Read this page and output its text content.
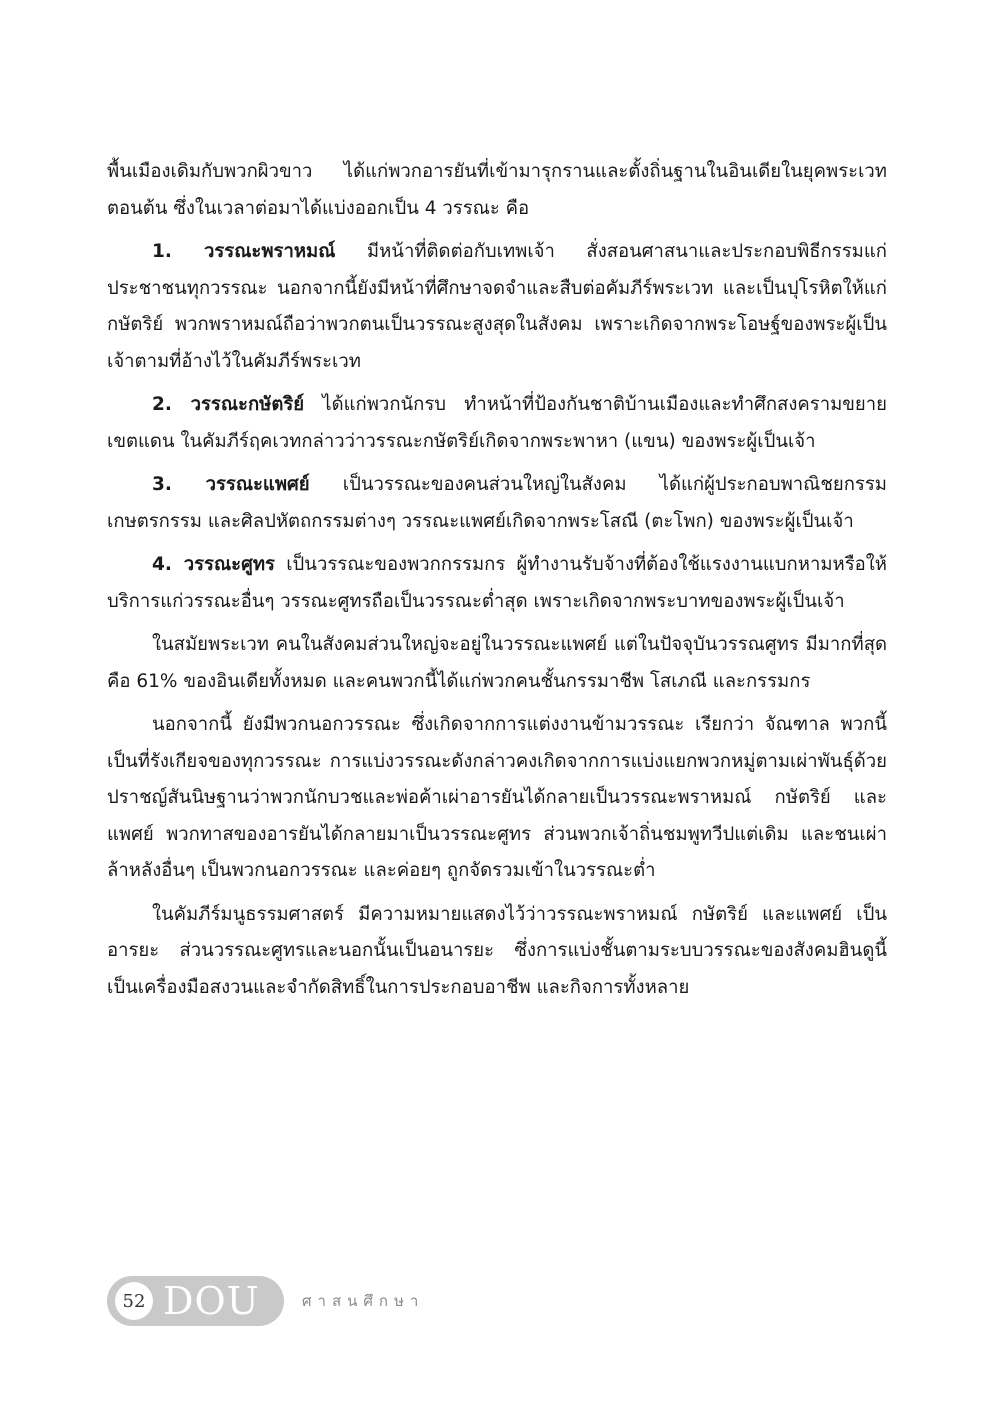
พื้นเมืองเดิมกับพวกผิวขาว ได้แก่พวกอารยันที่เข้ามารุกรานและตั้งถิ่นฐานในอินเดียในยุคพระเวทตอนต้น ซึ่งในเวลาต่อมาได้แบ่งออกเป็น 4 วรรณะ คือ

1. วรรณะพราหมณ์ มีหน้าที่ติดต่อกับเทพเจ้า สั่งสอนศาสนาและประกอบพิธีกรรมแก่ประชาชนทุกวรรณะ นอกจากนี้ยังมีหน้าที่ศึกษาจดจำและสืบต่อคัมภีร์พระเวท และเป็นปุโรหิตให้แก่กษัตริย์ พวกพราหมณ์ถือว่าพวกตนเป็นวรรณะสูงสุดในสังคม เพราะเกิดจากพระโอษฐ์ของพระผู้เป็นเจ้าตามที่อ้างไว้ในคัมภีร์พระเวท

2. วรรณะกษัตริย์ ได้แก่พวกนักรบ ทำหน้าที่ป้องกันชาติบ้านเมืองและทำศึกสงครามขยายเขตแดน ในคัมภีร์ฤคเวทกล่าวว่าวรรณะกษัตริย์เกิดจากพระพาหา (แขน) ของพระผู้เป็นเจ้า

3. วรรณะแพศย์ เป็นวรรณะของคนส่วนใหญ่ในสังคม ได้แก่ผู้ประกอบพาณิชยกรรม เกษตรกรรม และศิลปหัตถกรรมต่างๆ วรรณะแพศย์เกิดจากพระโสณี (ตะโพก) ของพระผู้เป็นเจ้า

4. วรรณะศูทร เป็นวรรณะของพวกกรรมกร ผู้ทำงานรับจ้างที่ต้องใช้แรงงานแบกหามหรือให้บริการแก่วรรณะอื่นๆ วรรณะศูทรถือเป็นวรรณะต่ำสุด เพราะเกิดจากพระบาทของพระผู้เป็นเจ้า

ในสมัยพระเวท คนในสังคมส่วนใหญ่จะอยู่ในวรรณะแพศย์ แต่ในปัจจุบันวรรณศูทร มีมากที่สุดคือ 61% ของอินเดียทั้งหมด และคนพวกนี้ได้แก่พวกคนชั้นกรรมาชีพ โสเภณี และกรรมกร

นอกจากนี้ ยังมีพวกนอกวรรณะ ซึ่งเกิดจากการแต่งงานข้ามวรรณะ เรียกว่า จัณฑาล พวกนี้เป็นที่รังเกียจของทุกวรรณะ การแบ่งวรรณะดังกล่าวคงเกิดจากการแบ่งแยกพวกหมู่ตามเผ่าพันธุ์ด้วย ปราชญ์สันนิษฐานว่าพวกนักบวชและพ่อค้าเผ่าอารยันได้กลายเป็นวรรณะพราหมณ์ กษัตริย์ และแพศย์ พวกทาสของอารยันได้กลายมาเป็นวรรณะศูทร ส่วนพวกเจ้าถิ่นชมพูทวีปแต่เดิม และชนเผ่าล้าหลังอื่นๆ เป็นพวกนอกวรรณะ และค่อยๆ ถูกจัดรวมเข้าในวรรณะต่ำ

ในคัมภีร์มนูธรรมศาสตร์ มีความหมายแสดงไว้ว่าวรรณะพราหมณ์ กษัตริย์ และแพศย์ เป็นอารยะ ส่วนวรรณะศูทรและนอกนั้นเป็นอนารยะ ซึ่งการแบ่งชั้นตามระบบวรรณะของสังคมฮินดูนี้เป็นเครื่องมือสงวนและจำกัดสิทธิ์ในการประกอบอาชีพ และกิจการทั้งหลาย

52 DOU	ศาสนศึกษา
